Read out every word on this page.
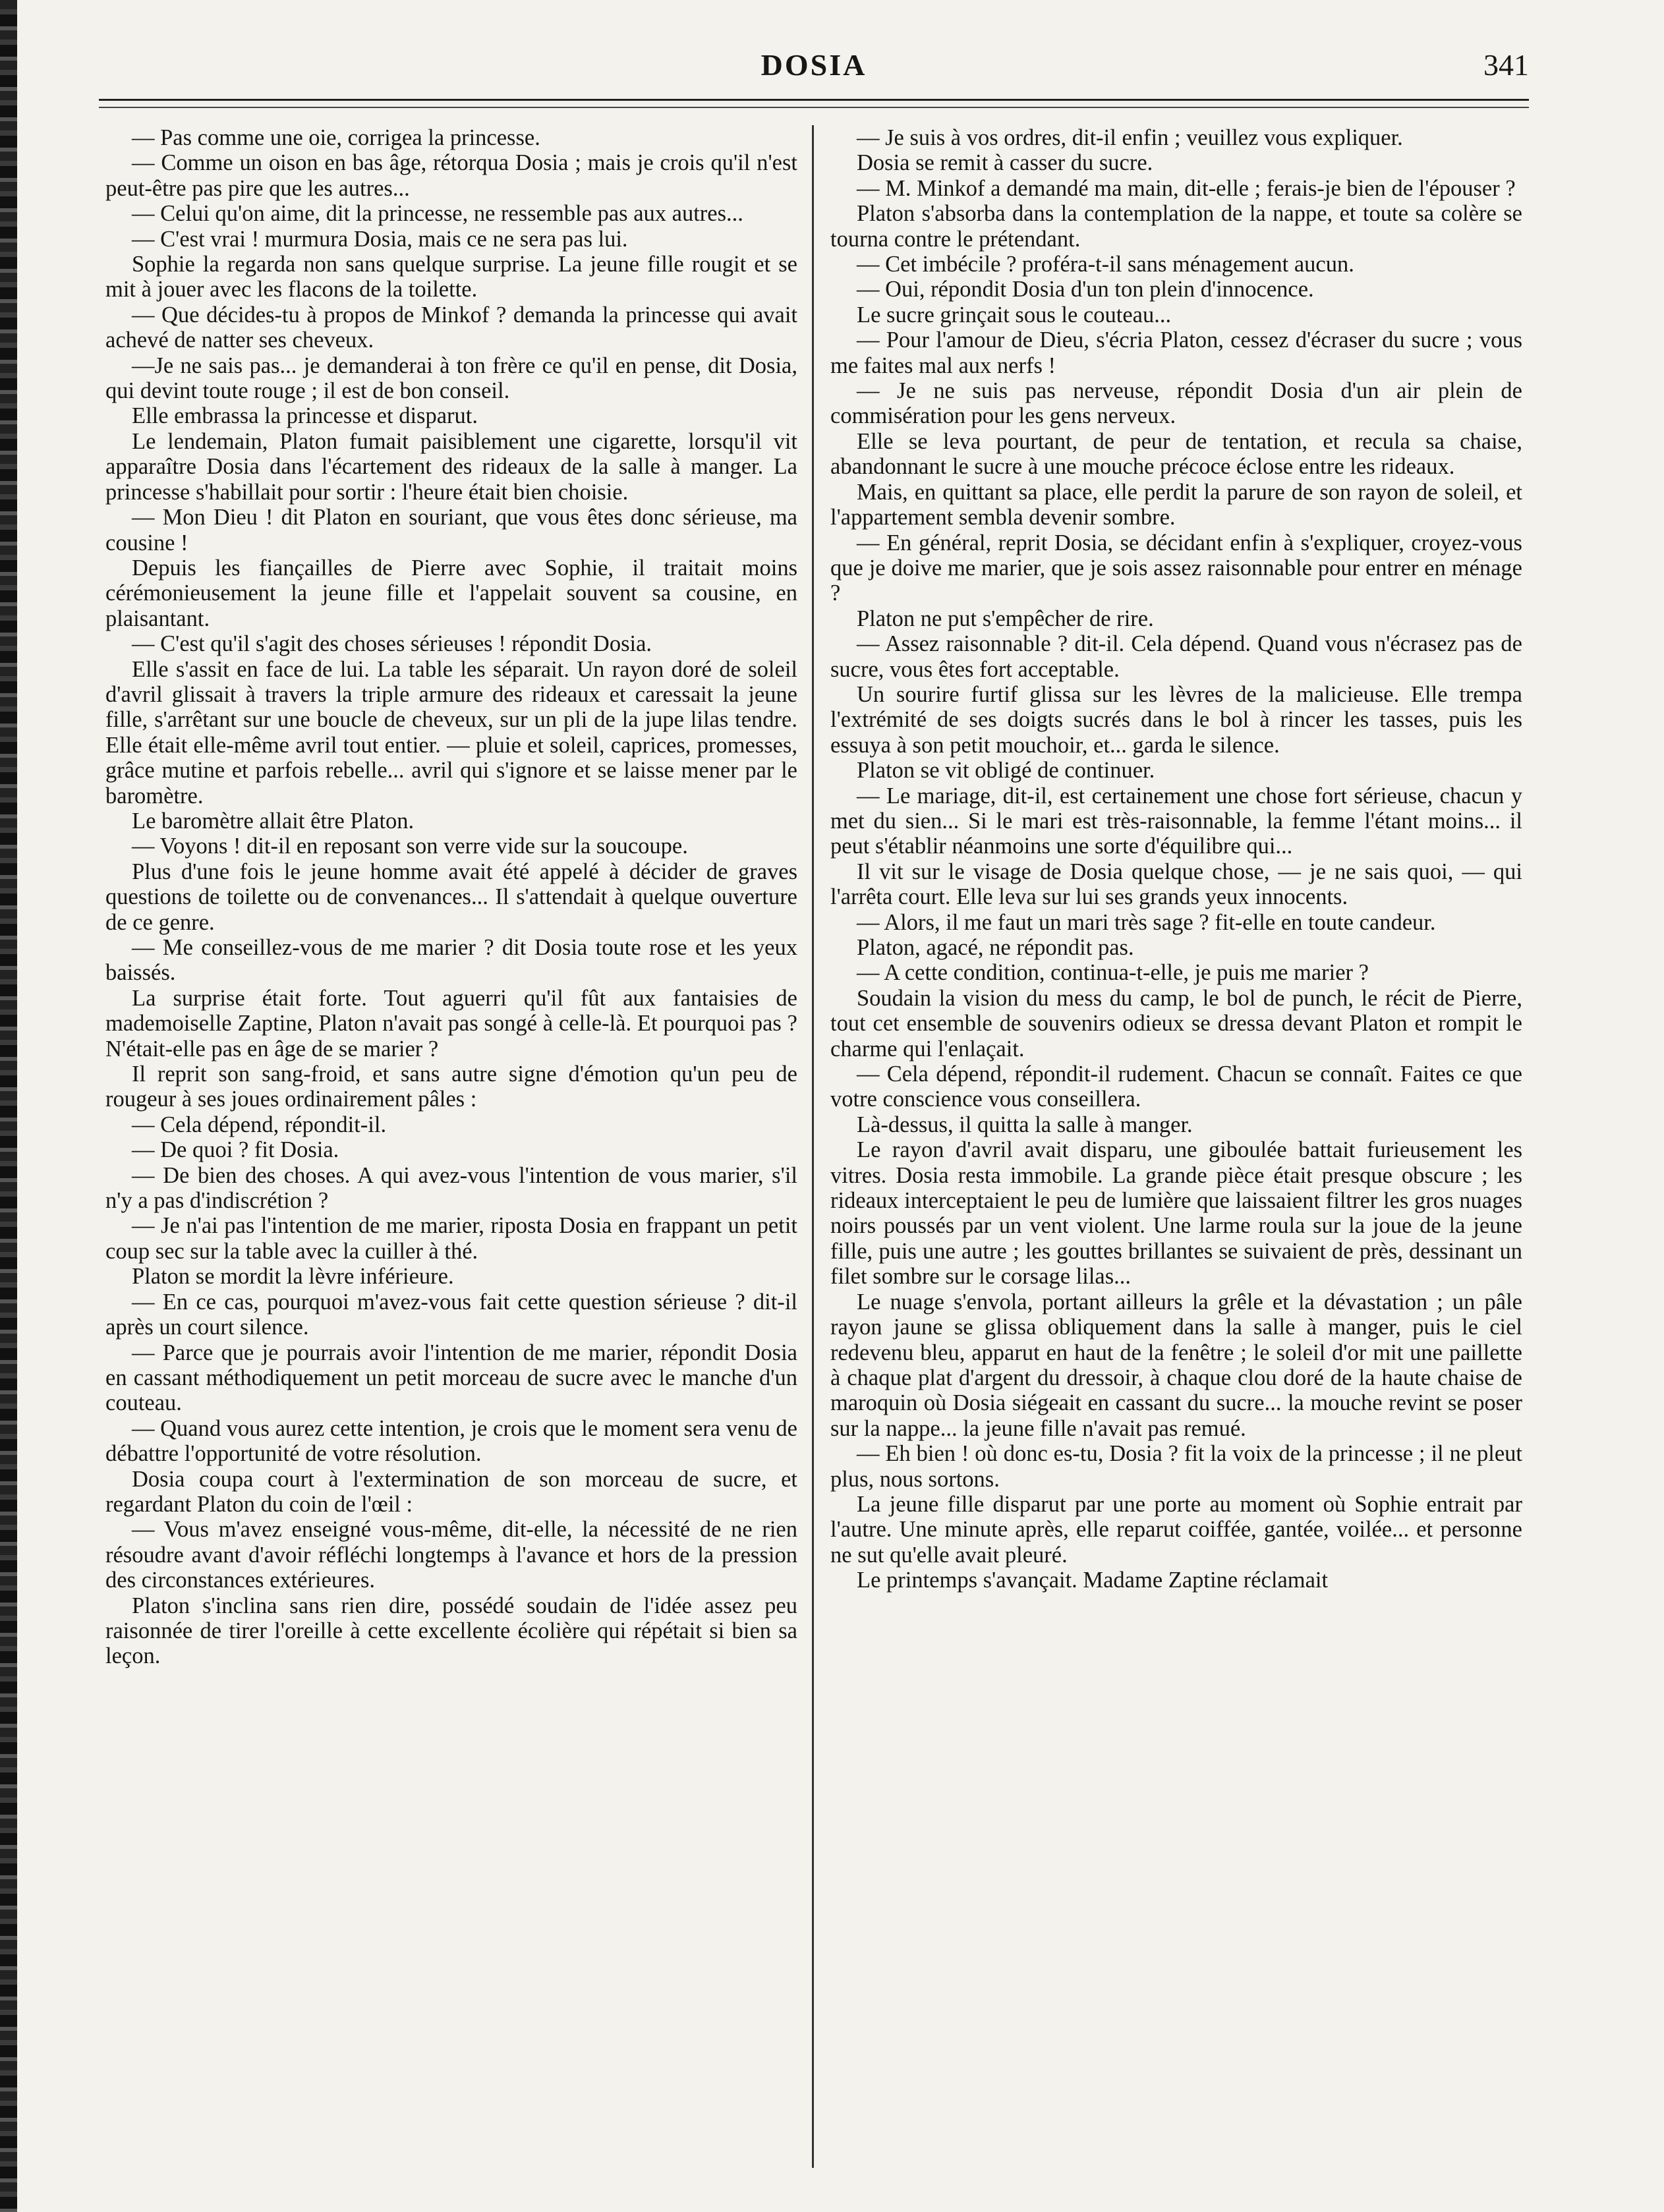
DOSIA	341

— Pas comme une oie, corrigea la princesse.

— Comme un oison en bas âge, rétorqua Dosia ; mais je crois qu'il n'est peut-être pas pire que les autres...

— Celui qu'on aime, dit la princesse, ne ressemble pas aux autres...

— C'est vrai ! murmura Dosia, mais ce ne sera pas lui.

Sophie la regarda non sans quelque surprise. La jeune fille rougit et se mit à jouer avec les flacons de la toilette.

— Que décides-tu à propos de Minkof ? demanda la princesse qui avait achevé de natter ses cheveux.

—Je ne sais pas... je demanderai à ton frère ce qu'il en pense, dit Dosia, qui devint toute rouge ; il est de bon conseil.

Elle embrassa la princesse et disparut.

Le lendemain, Platon fumait paisiblement une cigarette, lorsqu'il vit apparaître Dosia dans l'écartement des rideaux de la salle à manger. La princesse s'habillait pour sortir : l'heure était bien choisie.

— Mon Dieu ! dit Platon en souriant, que vous êtes donc sérieuse, ma cousine !

Depuis les fiançailles de Pierre avec Sophie, il traitait moins cérémonieusement la jeune fille et l'appelait souvent sa cousine, en plaisantant.

— C'est qu'il s'agit des choses sérieuses ! répondit Dosia.

Elle s'assit en face de lui. La table les séparait. Un rayon doré de soleil d'avril glissait à travers la triple armure des rideaux et caressait la jeune fille, s'arrêtant sur une boucle de cheveux, sur un pli de la jupe lilas tendre. Elle était elle-même avril tout entier. — pluie et soleil, caprices, promesses, grâce mutine et parfois rebelle... avril qui s'ignore et se laisse mener par le baromètre.

Le baromètre allait être Platon.

— Voyons ! dit-il en reposant son verre vide sur la soucoupe.

Plus d'une fois le jeune homme avait été appelé à décider de graves questions de toilette ou de convenances... Il s'attendait à quelque ouverture de ce genre.

— Me conseillez-vous de me marier ? dit Dosia toute rose et les yeux baissés.

La surprise était forte. Tout aguerri qu'il fût aux fantaisies de mademoiselle Zaptine, Platon n'avait pas songé à celle-là. Et pourquoi pas ? N'était-elle pas en âge de se marier ?

Il reprit son sang-froid, et sans autre signe d'émotion qu'un peu de rougeur à ses joues ordinairement pâles :

— Cela dépend, répondit-il.

— De quoi ? fit Dosia.

— De bien des choses. A qui avez-vous l'intention de vous marier, s'il n'y a pas d'indiscrétion ?

— Je n'ai pas l'intention de me marier, riposta Dosia en frappant un petit coup sec sur la table avec la cuiller à thé.

Platon se mordit la lèvre inférieure.

— En ce cas, pourquoi m'avez-vous fait cette question sérieuse ? dit-il après un court silence.

— Parce que je pourrais avoir l'intention de me marier, répondit Dosia en cassant méthodiquement un petit morceau de sucre avec le manche d'un couteau.

— Quand vous aurez cette intention, je crois que le moment sera venu de débattre l'opportunité de votre résolution.

Dosia coupa court à l'extermination de son morceau de sucre, et regardant Platon du coin de l'œil :

— Vous m'avez enseigné vous-même, dit-elle, la nécessité de ne rien résoudre avant d'avoir réfléchi longtemps à l'avance et hors de la pression des circonstances extérieures.

Platon s'inclina sans rien dire, possédé soudain de l'idée assez peu raisonnée de tirer l'oreille à cette excellente écolière qui répétait si bien sa leçon.

— Je suis à vos ordres, dit-il enfin ; veuillez vous expliquer.

Dosia se remit à casser du sucre.

— M. Minkof a demandé ma main, dit-elle ; ferais-je bien de l'épouser ?

Platon s'absorba dans la contemplation de la nappe, et toute sa colère se tourna contre le prétendant.

— Cet imbécile ? proféra-t-il sans ménagement aucun.

— Oui, répondit Dosia d'un ton plein d'innocence.

Le sucre grinçait sous le couteau...

— Pour l'amour de Dieu, s'écria Platon, cessez d'écraser du sucre ; vous me faites mal aux nerfs !

— Je ne suis pas nerveuse, répondit Dosia d'un air plein de commisération pour les gens nerveux.

Elle se leva pourtant, de peur de tentation, et recula sa chaise, abandonnant le sucre à une mouche précoce éclose entre les rideaux.

Mais, en quittant sa place, elle perdit la parure de son rayon de soleil, et l'appartement sembla devenir sombre.

— En général, reprit Dosia, se décidant enfin à s'expliquer, croyez-vous que je doive me marier, que je sois assez raisonnable pour entrer en ménage ?

Platon ne put s'empêcher de rire.

— Assez raisonnable ? dit-il. Cela dépend. Quand vous n'écrasez pas de sucre, vous êtes fort acceptable.

Un sourire furtif glissa sur les lèvres de la malicieuse. Elle trempa l'extrémité de ses doigts sucrés dans le bol à rincer les tasses, puis les essuya à son petit mouchoir, et... garda le silence.

Platon se vit obligé de continuer.

— Le mariage, dit-il, est certainement une chose fort sérieuse, chacun y met du sien... Si le mari est très-raisonnable, la femme l'étant moins... il peut s'établir néanmoins une sorte d'équilibre qui...

Il vit sur le visage de Dosia quelque chose, — je ne sais quoi, — qui l'arrêta court. Elle leva sur lui ses grands yeux innocents.

— Alors, il me faut un mari très sage ? fit-elle en toute candeur.

Platon, agacé, ne répondit pas.

— A cette condition, continua-t-elle, je puis me marier ?

Soudain la vision du mess du camp, le bol de punch, le récit de Pierre, tout cet ensemble de souvenirs odieux se dressa devant Platon et rompit le charme qui l'enlaçait.

— Cela dépend, répondit-il rudement. Chacun se connaît. Faites ce que votre conscience vous conseillera.

Là-dessus, il quitta la salle à manger.

Le rayon d'avril avait disparu, une giboulée battait furieusement les vitres. Dosia resta immobile. La grande pièce était presque obscure ; les rideaux interceptaient le peu de lumière que laissaient filtrer les gros nuages noirs poussés par un vent violent. Une larme roula sur la joue de la jeune fille, puis une autre ; les gouttes brillantes se suivaient de près, dessinant un filet sombre sur le corsage lilas...

Le nuage s'envola, portant ailleurs la grêle et la dévastation ; un pâle rayon jaune se glissa obliquement dans la salle à manger, puis le ciel redevenu bleu, apparut en haut de la fenêtre ; le soleil d'or mit une paillette à chaque plat d'argent du dressoir, à chaque clou doré de la haute chaise de maroquin où Dosia siégeait en cassant du sucre... la mouche revint se poser sur la nappe... la jeune fille n'avait pas remué.

— Eh bien ! où donc es-tu, Dosia ? fit la voix de la princesse ; il ne pleut plus, nous sortons.

La jeune fille disparut par une porte au moment où Sophie entrait par l'autre. Une minute après, elle reparut coiffée, gantée, voilée... et personne ne sut qu'elle avait pleuré.

Le printemps s'avançait. Madame Zaptine réclamait
